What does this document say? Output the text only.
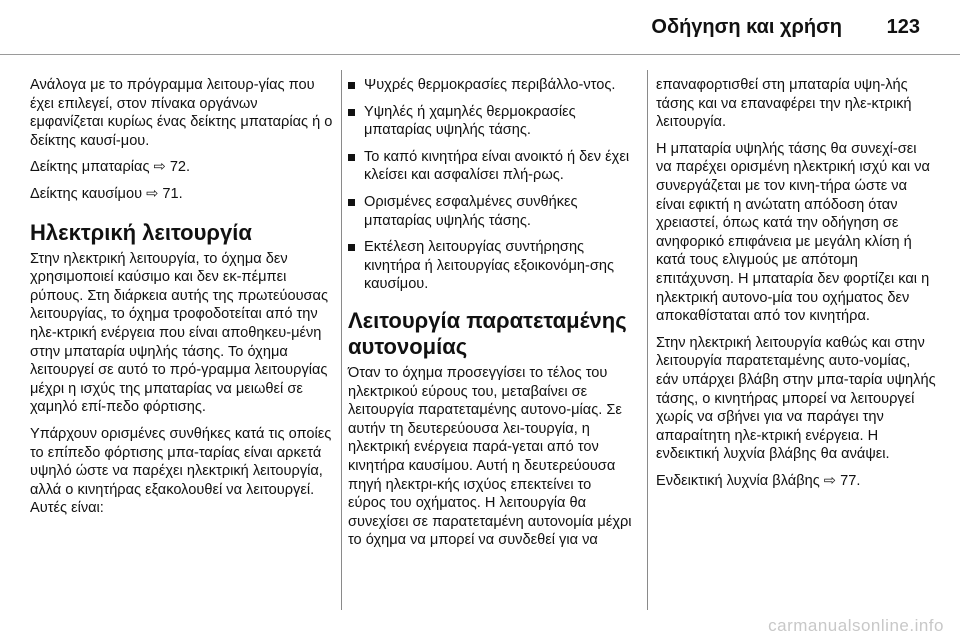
Οδήγηση και χρήση 123

Ανάλογα με το πρόγραμμα λειτουρ-γίας που έχει επιλεγεί, στον πίνακα οργάνων εμφανίζεται κυρίως ένας δείκτης μπαταρίας ή ο δείκτης καυσί-μου.

Δείκτης μπαταρίας ⇨ 72.

Δείκτης καυσίμου ⇨ 71.

Ηλεκτρική λειτουργία

Στην ηλεκτρική λειτουργία, το όχημα δεν χρησιμοποιεί καύσιμο και δεν εκ-πέμπει ρύπους. Στη διάρκεια αυτής της πρωτεύουσας λειτουργίας, το όχημα τροφοδοτείται από την ηλε-κτρική ενέργεια που είναι αποθηκευ-μένη στην μπαταρία υψηλής τάσης. Το όχημα λειτουργεί σε αυτό το πρό-γραμμα λειτουργίας μέχρι η ισχύς της μπαταρίας να μειωθεί σε χαμηλό επί-πεδο φόρτισης.

Υπάρχουν ορισμένες συνθήκες κατά τις οποίες το επίπεδο φόρτισης μπα-ταρίας είναι αρκετά υψηλό ώστε να παρέχει ηλεκτρική λειτουργία, αλλά ο κινητήρας εξακολουθεί να λειτουργεί. Αυτές είναι:

Ψυχρές θερμοκρασίες περιβάλλο-ντος.
Υψηλές ή χαμηλές θερμοκρασίες μπαταρίας υψηλής τάσης.
Το καπό κινητήρα είναι ανοικτό ή δεν έχει κλείσει και ασφαλίσει πλή-ρως.
Ορισμένες εσφαλμένες συνθήκες μπαταρίας υψηλής τάσης.
Εκτέλεση λειτουργίας συντήρησης κινητήρα ή λειτουργίας εξοικονόμη-σης καυσίμου.
Λειτουργία παρατεταμένης αυτονομίας

Όταν το όχημα προσεγγίσει το τέλος του ηλεκτρικού εύρους του, μεταβαίνει σε λειτουργία παρατεταμένης αυτονο-μίας. Σε αυτήν τη δευτερεύουσα λει-τουργία, η ηλεκτρική ενέργεια παρά-γεται από τον κινητήρα καυσίμου. Αυτή η δευτερεύουσα πηγή ηλεκτρι-κής ισχύος επεκτείνει το εύρος του οχήματος. Η λειτουργία θα συνεχίσει σε παρατεταμένη αυτονομία μέχρι το όχημα να μπορεί να συνδεθεί για να

επαναφορτισθεί στη μπαταρία υψη-λής τάσης και να επαναφέρει την ηλε-κτρική λειτουργία.

Η μπαταρία υψηλής τάσης θα συνεχί-σει να παρέχει ορισμένη ηλεκτρική ισχύ και να συνεργάζεται με τον κινη-τήρα ώστε να είναι εφικτή η ανώτατη απόδοση όταν χρειαστεί, όπως κατά την οδήγηση σε ανηφορικό επιφάνεια με μεγάλη κλίση ή κατά τους ελιγμούς με απότομη επιτάχυνση. Η μπαταρία δεν φορτίζει και η ηλεκτρική αυτονο-μία του οχήματος δεν αποκαθίσταται από τον κινητήρα.

Στην ηλεκτρική λειτουργία καθώς και στην λειτουργία παρατεταμένης αυτο-νομίας, εάν υπάρχει βλάβη στην μπα-ταρία υψηλής τάσης, ο κινητήρας μπορεί να λειτουργεί χωρίς να σβήνει για να παράγει την απαραίτητη ηλε-κτρική ενέργεια. Η ενδεικτική λυχνία βλάβης θα ανάψει.

Ενδεικτική λυχνία βλάβης ⇨ 77.

carmanualsonline.info
